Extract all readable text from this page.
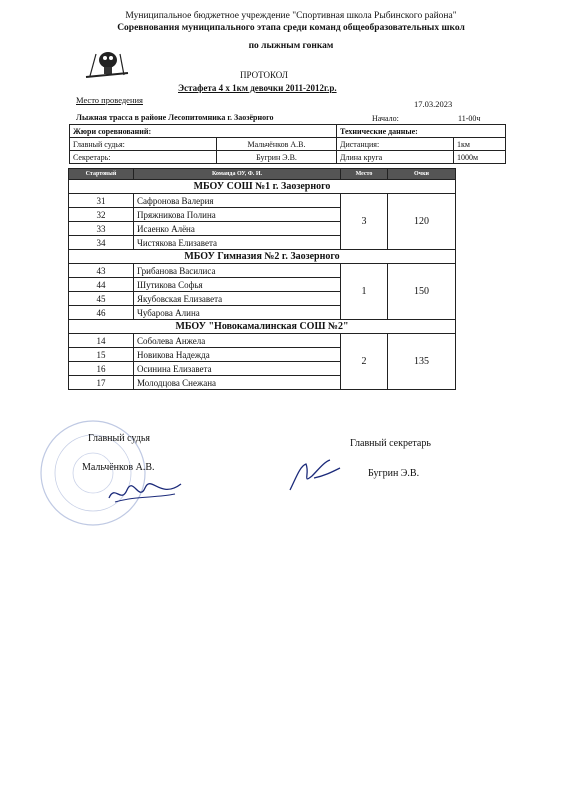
Муниципальное бюджетное учреждение "Спортивная школа Рыбинского района"
Соревнования муниципального этапа среди команд общеобразовательных школ
по лыжным гонкам
ПРОТОКОЛ
Эстафета 4 х 1км девочки 2011-2012г.р.
Место проведения	17.03.2023
Лыжная трасса в районе Лесопитомника г. Заозёрного	Начало:	11-00ч
Жюри соревнований:		Технические данные:	
Главный судья:	Мальчёнков А.В.	Дистанция:	1км
Секретарь:	Бугрин Э.В.	Длина круга	1000м
Стартовый	Команда ОУ, Ф. И.	Место	Очки
МБОУ СОШ №1 г. Заозерного			
31	Сафронова Валерия	3	120
32	Пряжникова Полина		
33	Исаенко Алёна		
34	Чистякова Елизавета		
МБОУ Гимназия №2 г. Заозерного			
43	Грибанова Василиса	1	150
44	Шутикова Софья		
45	Якубовская Елизавета		
46	Чубарова Алина		
МБОУ "Новокамалинская СОШ №2"			
14	Соболева Анжела	2	135
15	Новикова Надежда		
16	Осинина Елизавета		
17	Молодцова Снежана		
Главный судья
Мальчёнков А.В.
Главный секретарь
Бугрин Э.В.
